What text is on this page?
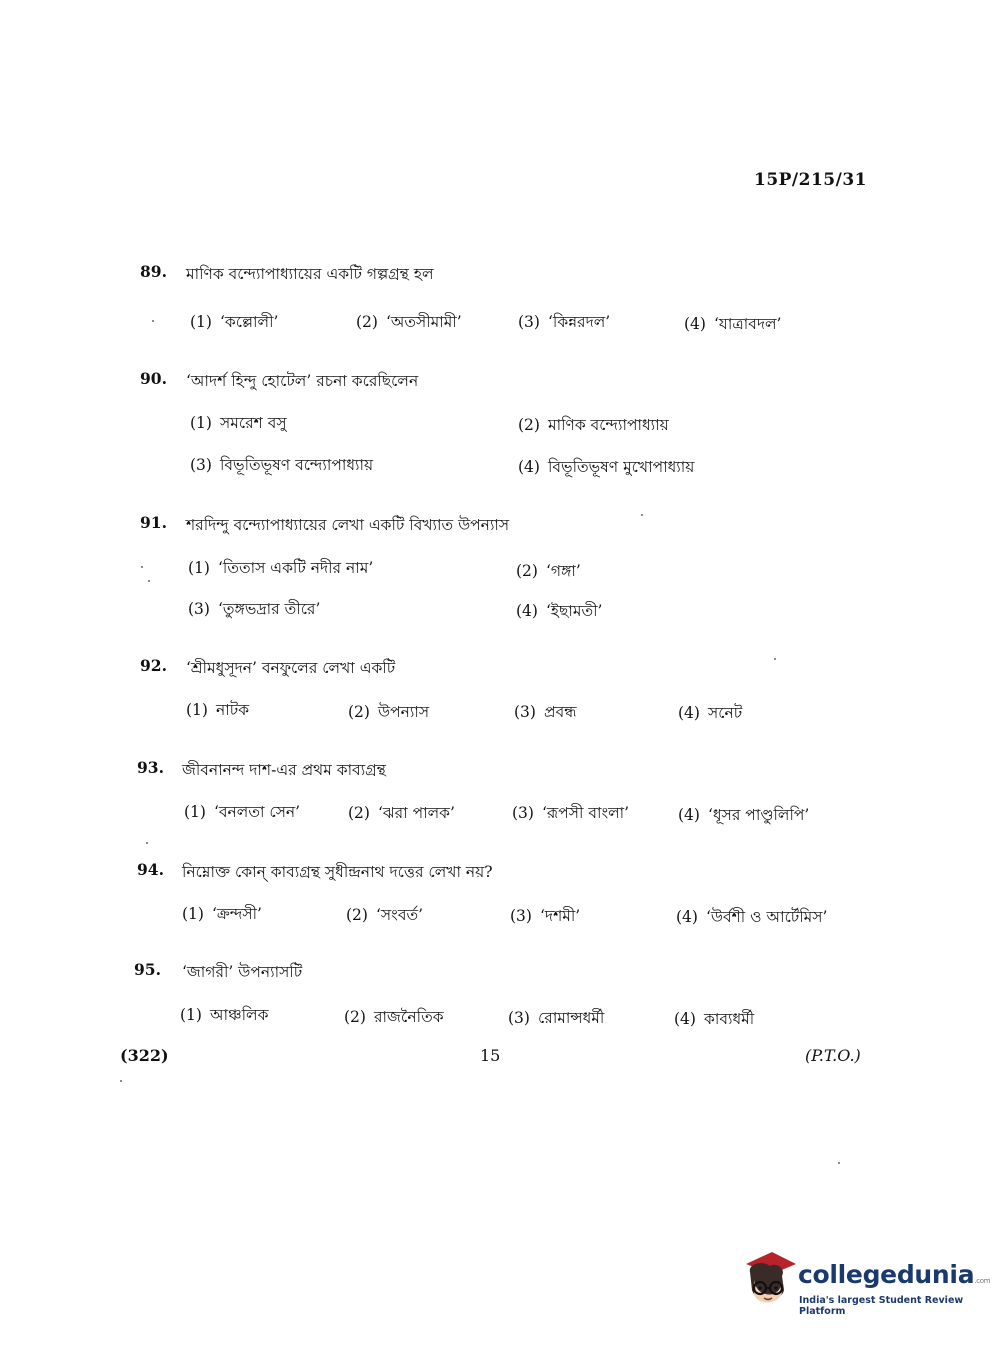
15P/215/31
89.	মাণিক বন্দ্যোপাধ্যায়ের একটি গল্পগ্রন্থ হল
(1) ‘কল্লোলী’	(2) ‘অতসীমামী’	(3) ‘কিন্নরদল’	(4) ‘যাত্রাবদল’
90.	‘আদর্শ হিন্দু হোটেল’ রচনা করেছিলেন
(1) সমরেশ বসু	(2) মাণিক বন্দ্যোপাধ্যায়
(3) বিভূতিভূষণ বন্দ্যোপাধ্যায়	(4) বিভূতিভূষণ মুখোপাধ্যায়
91.	শরদিন্দু বন্দ্যোপাধ্যায়ের লেখা একটি বিখ্যাত উপন্যাস
(1) ‘তিতাস একটি নদীর নাম’	(2) ‘গঙ্গা’
(3) ‘তুঙ্গভদ্রার তীরে’	(4) ‘ইছামতী’
92.	‘শ্রীমধুসূদন’ বনফুলের লেখা একটি
(1) নাটক	(2) উপন্যাস	(3) প্রবন্ধ	(4) সনেট
93.	জীবনানন্দ দাশ-এর প্রথম কাব্যগ্রন্থ
(1) ‘বনলতা সেন’	(2) ‘ঝরা পালক’	(3) ‘রূপসী বাংলা’	(4) ‘ধূসর পাণ্ডুলিপি’
94.	নিম্নোক্ত কোন্ কাব্যগ্রন্থ সুধীন্দ্রনাথ দত্তের লেখা নয়?
(1) ‘ক্রন্দসী’	(2) ‘সংবর্ত’	(3) ‘দশমী’	(4) ‘উর্বশী ও আর্টেমিস’
95.	‘জাগরী’ উপন্যাসটি
(1) আঞ্চলিক	(2) রাজনৈতিক	(3) রোমান্সধর্মী	(4) কাব্যধর্মী
(322)	15	(P.T.O.)
collegedunia.com
India's largest Student Review Platform
